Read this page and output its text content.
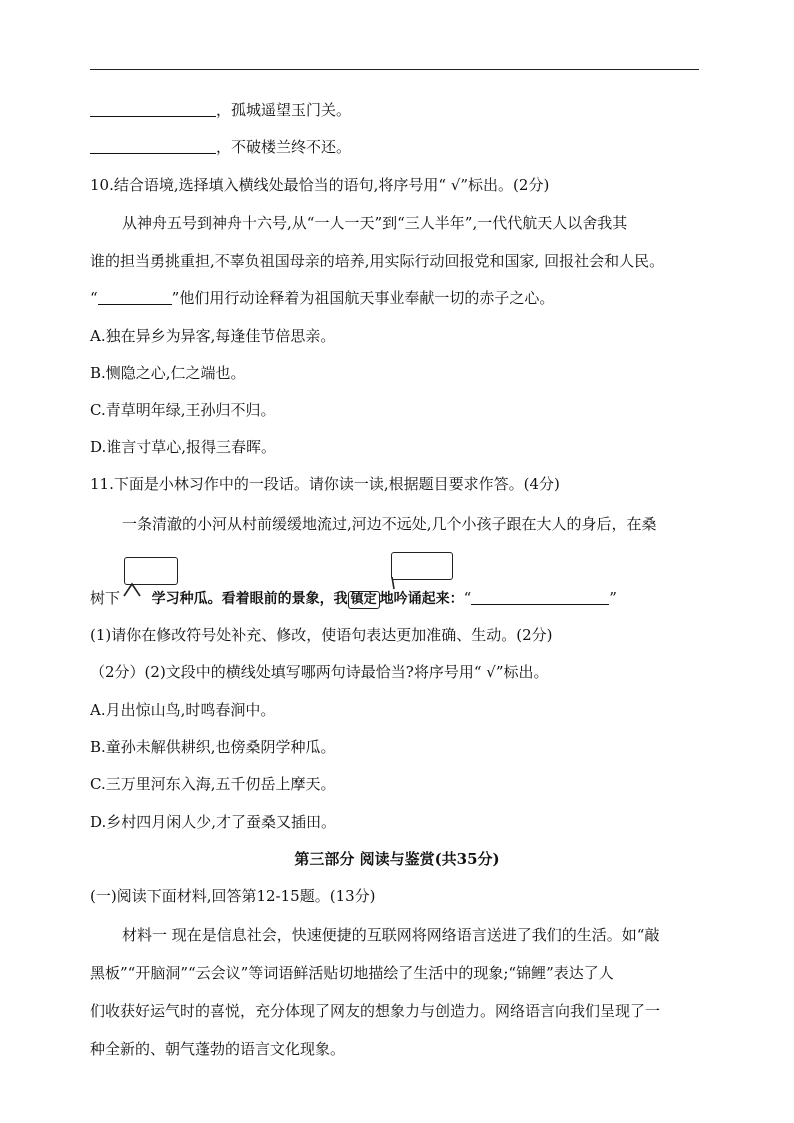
，孤城遥望玉门关。
，不破楼兰终不还。
10.结合语境,选择填入横线处最恰当的语句,将序号用“ √”标出。(2分)
从神舟五号到神舟十六号,从“一人一天”到“三人半年”,一代代航天人以舍我其
谁的担当勇挑重担,不辜负祖国母亲的培养,用实际行动回报党和国家, 回报社会和人民。
“	”他们用行动诠释着为祖国航天事业奉献一切的赤子之心。
A.独在异乡为异客,每逢佳节倍思亲。
B.恻隐之心,仁之端也。
C.青草明年绿,王孙归不归。
D.谁言寸草心,报得三春晖。
11.下面是小林习作中的一段话。请你读一读,根据题目要求作答。(4分)
一条清澈的小河从村前缓缓地流过,河边不远处,几个小孩子跟在大人的身后，在桑
树下 学习种瓜。看着眼前的景象，我 镇定 地吟诵起来：“	”
(1)请你在修改符号处补充、修改，使语句表达更加准确、生动。(2分)
（2分）(2)文段中的横线处填写哪两句诗最恰当?将序号用“ √”标出。
A.月出惊山鸟,时鸣春涧中。
B.童孙未解供耕织,也傍桑阴学种瓜。
C.三万里河东入海,五千仞岳上摩天。
D.乡村四月闲人少,才了蚕桑又插田。
第三部分 阅读与鉴赏(共35分)
(一)阅读下面材料,回答第12-15题。(13分)
材料一 现在是信息社会，快速便捷的互联网将网络语言送进了我们的生活。如“敲
黑板”“开脑洞”“云会议”等词语鲜活贴切地描绘了生活中的现象;“锦鲤”表达了人
们收获好运气时的喜悦，充分体现了网友的想象力与创造力。网络语言向我们呈现了一
种全新的、朝气蓬勃的语言文化现象。
